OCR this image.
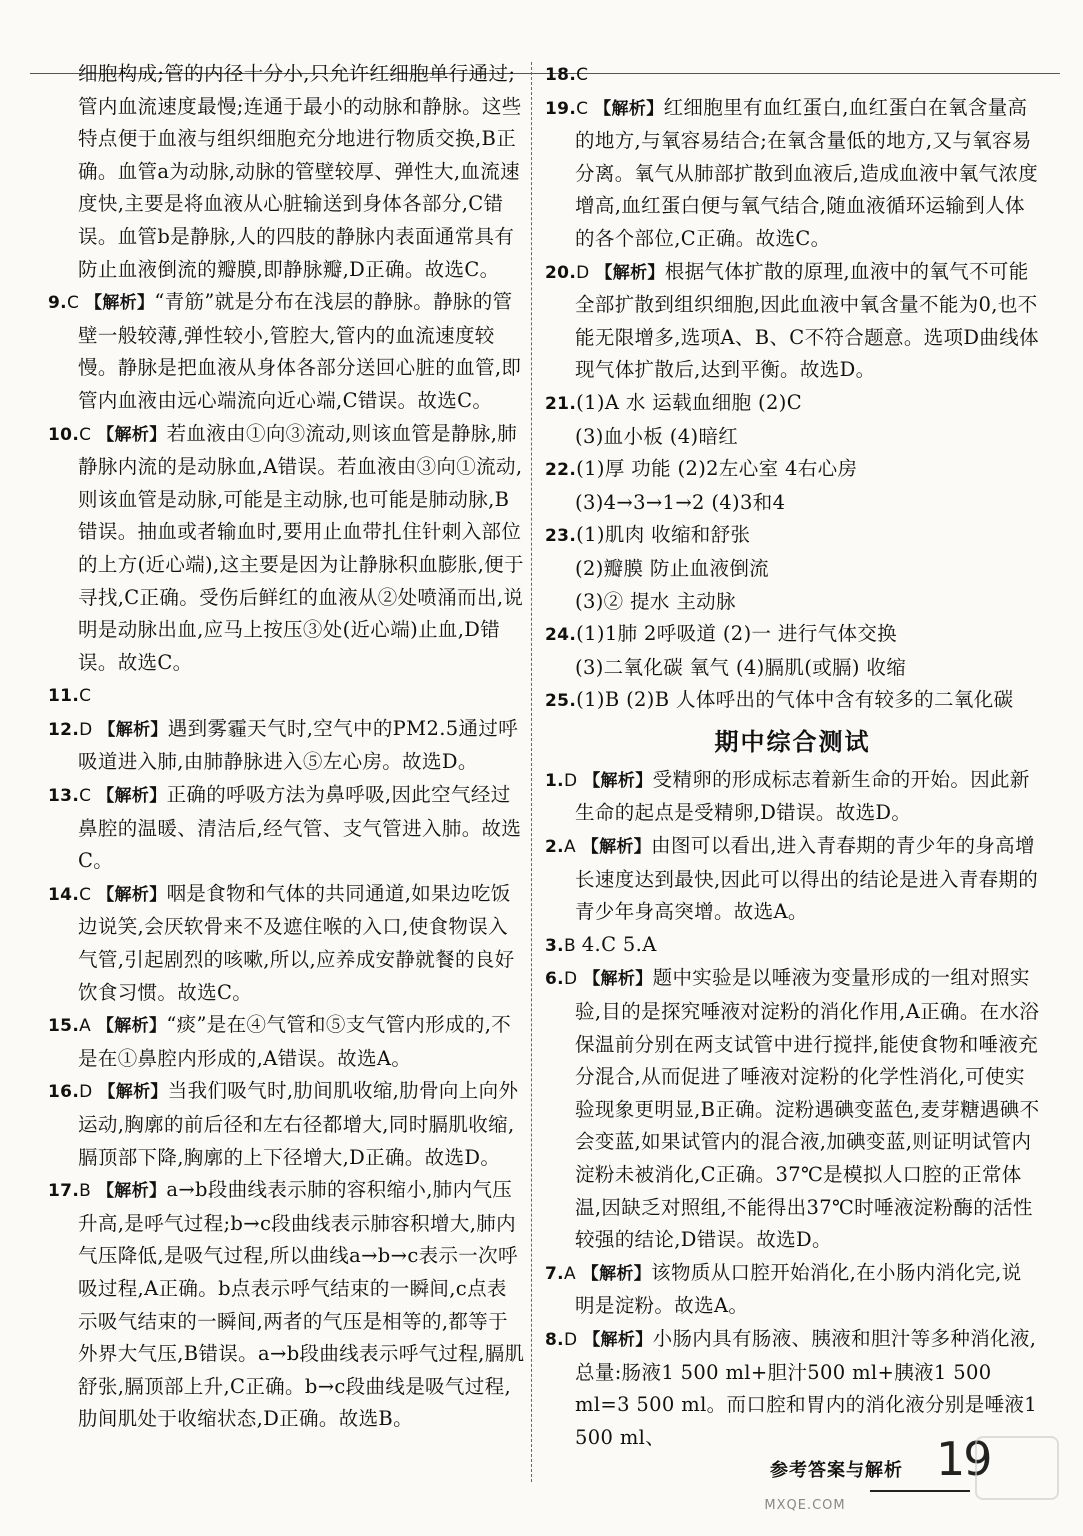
细胞构成;管的内径十分小,只允许红细胞单行通过;管内血流速度最慢;连通于最小的动脉和静脉。这些特点便于血液与组织细胞充分地进行物质交换,B正确。血管a为动脉,动脉的管壁较厚、弹性大,血流速度快,主要是将血液从心脏输送到身体各部分,C错误。血管b是静脉,人的四肢的静脉内表面通常具有防止血液倒流的瓣膜,即静脉瓣,D正确。故选C。

9.C 【解析】“青筋”就是分布在浅层的静脉。静脉的管壁一般较薄,弹性较小,管腔大,管内的血流速度较慢。静脉是把血液从身体各部分送回心脏的血管,即管内血液由远心端流向近心端,C错误。故选C。

10.C 【解析】若血液由①向③流动,则该血管是静脉,肺静脉内流的是动脉血,A错误。若血液由③向①流动,则该血管是动脉,可能是主动脉,也可能是肺动脉,B错误。抽血或者输血时,要用止血带扎住针刺入部位的上方(近心端),这主要是因为让静脉积血膨胀,便于寻找,C正确。受伤后鲜红的血液从②处喷涌而出,说明是动脉出血,应马上按压③处(近心端)止血,D错误。故选C。

11.C

12.D 【解析】遇到雾霾天气时,空气中的PM2.5通过呼吸道进入肺,由肺静脉进入⑤左心房。故选D。

13.C 【解析】正确的呼吸方法为鼻呼吸,因此空气经过鼻腔的温暖、清洁后,经气管、支气管进入肺。故选C。

14.C 【解析】咽是食物和气体的共同通道,如果边吃饭边说笑,会厌软骨来不及遮住喉的入口,使食物误入气管,引起剧烈的咳嗽,所以,应养成安静就餐的良好饮食习惯。故选C。

15.A 【解析】“痰”是在④气管和⑤支气管内形成的,不是在①鼻腔内形成的,A错误。故选A。

16.D 【解析】当我们吸气时,肋间肌收缩,肋骨向上向外运动,胸廓的前后径和左右径都增大,同时膈肌收缩,膈顶部下降,胸廓的上下径增大,D正确。故选D。

17.B 【解析】a→b段曲线表示肺的容积缩小,肺内气压升高,是呼气过程;b→c段曲线表示肺容积增大,肺内气压降低,是吸气过程,所以曲线a→b→c表示一次呼吸过程,A正确。b点表示呼气结束的一瞬间,c点表示吸气结束的一瞬间,两者的气压是相等的,都等于外界大气压,B错误。a→b段曲线表示呼气过程,膈肌舒张,膈顶部上升,C正确。b→c段曲线是吸气过程,肋间肌处于收缩状态,D正确。故选B。

18.C

19.C 【解析】红细胞里有血红蛋白,血红蛋白在氧含量高的地方,与氧容易结合;在氧含量低的地方,又与氧容易分离。氧气从肺部扩散到血液后,造成血液中氧气浓度增高,血红蛋白便与氧气结合,随血液循环运输到人体的各个部位,C正确。故选C。

20.D 【解析】根据气体扩散的原理,血液中的氧气不可能全部扩散到组织细胞,因此血液中氧含量不能为0,也不能无限增多,选项A、B、C不符合题意。选项D曲线体现气体扩散后,达到平衡。故选D。

21.(1)A 水 运载血细胞 (2)C

(3)血小板 (4)暗红

22.(1)厚 功能 (2)2左心室 4右心房

(3)4→3→1→2 (4)3和4

23.(1)肌肉 收缩和舒张

(2)瓣膜 防止血液倒流

(3)② 提水 主动脉

24.(1)1肺 2呼吸道 (2)一 进行气体交换

(3)二氧化碳 氧气 (4)膈肌(或膈) 收缩

25.(1)B (2)B 人体呼出的气体中含有较多的二氧化碳

期中综合测试

1.D 【解析】受精卵的形成标志着新生命的开始。因此新生命的起点是受精卵,D错误。故选D。

2.A 【解析】由图可以看出,进入青春期的青少年的身高增长速度达到最快,因此可以得出的结论是进入青春期的青少年身高突增。故选A。

3.B 4.C 5.A

6.D 【解析】题中实验是以唾液为变量形成的一组对照实验,目的是探究唾液对淀粉的消化作用,A正确。在水浴保温前分别在两支试管中进行搅拌,能使食物和唾液充分混合,从而促进了唾液对淀粉的化学性消化,可使实验现象更明显,B正确。淀粉遇碘变蓝色,麦芽糖遇碘不会变蓝,如果试管内的混合液,加碘变蓝,则证明试管内淀粉未被消化,C正确。37℃是模拟人口腔的正常体温,因缺乏对照组,不能得出37℃时唾液淀粉酶的活性较强的结论,D错误。故选D。

7.A 【解析】该物质从口腔开始消化,在小肠内消化完,说明是淀粉。故选A。

8.D 【解析】小肠内具有肠液、胰液和胆汁等多种消化液,总量:肠液1 500 ml+胆汁500 ml+胰液1 500 ml=3 500 ml。而口腔和胃内的消化液分别是唾液1 500 ml、

参考答案与解析 19
MXQE.COM
